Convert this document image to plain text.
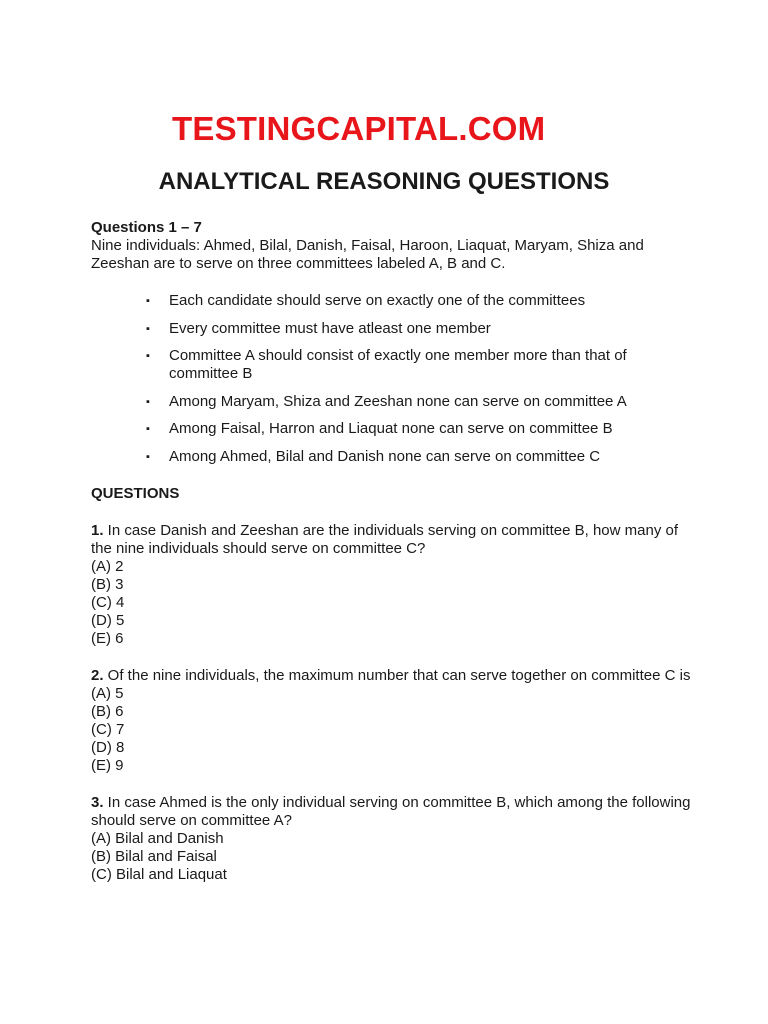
TESTINGCAPITAL.COM
ANALYTICAL REASONING QUESTIONS
Questions 1 – 7
Nine individuals: Ahmed, Bilal, Danish, Faisal, Haroon, Liaquat, Maryam, Shiza and Zeeshan are to serve on three committees labeled A, B and C.
▪ Each candidate should serve on exactly one of the committees
▪ Every committee must have atleast one member
▪ Committee A should consist of exactly one member more than that of committee B
▪ Among Maryam, Shiza and Zeeshan none can serve on committee A
▪ Among Faisal, Harron and Liaquat none can serve on committee B
▪ Among Ahmed, Bilal and Danish none can serve on committee C
QUESTIONS
1. In case Danish and Zeeshan are the individuals serving on committee B, how many of the nine individuals should serve on committee C?
(A) 2
(B) 3
(C) 4
(D) 5
(E) 6
2. Of the nine individuals, the maximum number that can serve together on committee C is
(A) 5
(B) 6
(C) 7
(D) 8
(E) 9
3. In case Ahmed is the only individual serving on committee B, which among the following should serve on committee A?
(A) Bilal and Danish
(B) Bilal and Faisal
(C) Bilal and Liaquat
